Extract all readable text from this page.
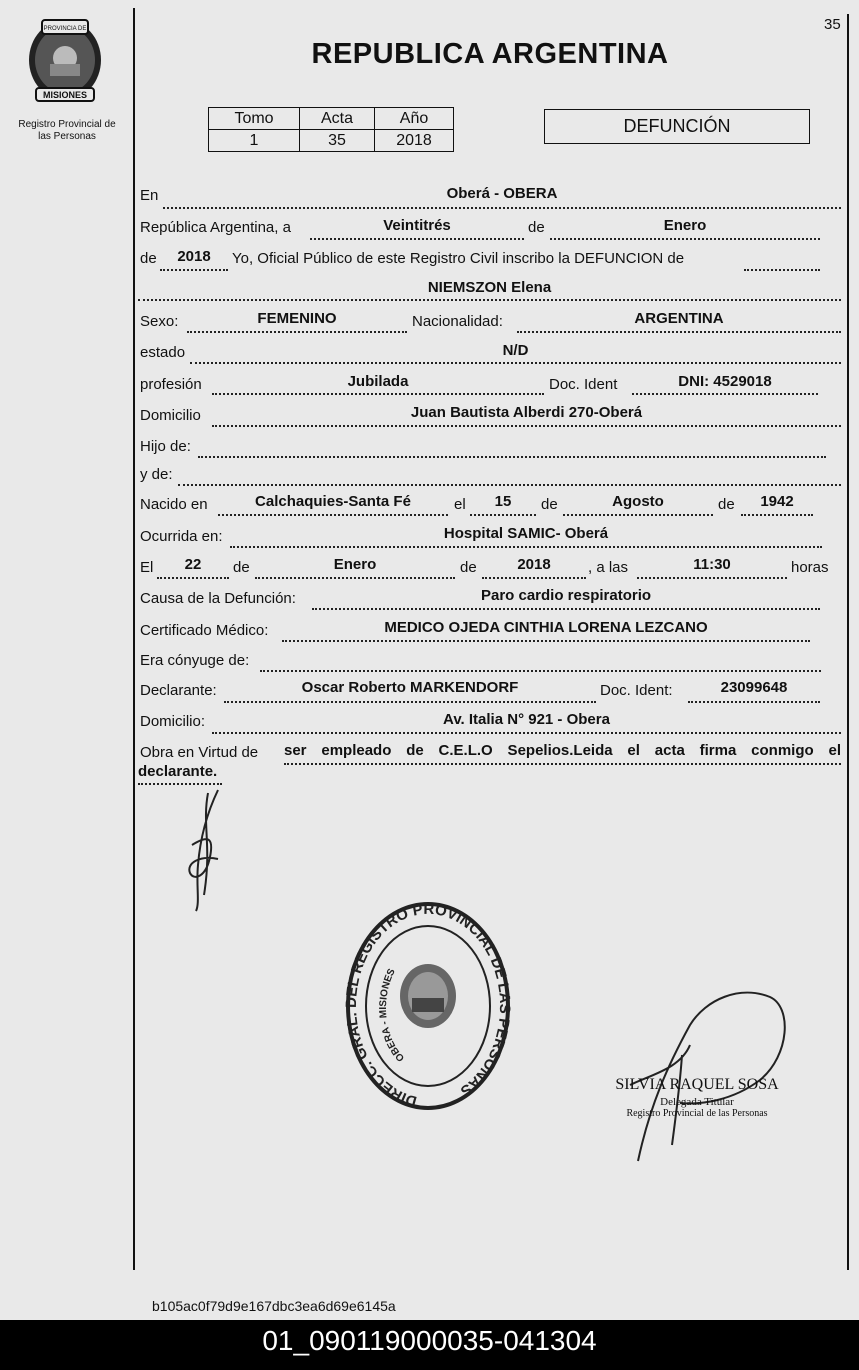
35
PROVINCIA DE
MISIONES
Registro Provincial de
las Personas
REPUBLICA ARGENTINA
Tomo	Acta	Año
1	35	2018
DEFUNCIÓN
En	Oberá - OBERA
República Argentina, a	Veintitrés	de	Enero
de	2018	Yo, Oficial Público de este Registro Civil inscribo la DEFUNCION de
NIEMSZON Elena
Sexo:	FEMENINO	Nacionalidad:	ARGENTINA
estado	N/D
profesión	Jubilada	Doc. Ident	DNI: 4529018
Domicilio	Juan Bautista Alberdi 270-Oberá
Hijo de:
y de:
Nacido en	Calchaquies-Santa Fé	el	15	de	Agosto	de	1942
Ocurrida en:	Hospital SAMIC- Oberá
El	22	de	Enero	de	2018	, a las	11:30	horas
Causa de la Defunción:	Paro cardio respiratorio
Certificado Médico:	MEDICO OJEDA CINTHIA LORENA LEZCANO
Era cónyuge de:
Declarante:	Oscar Roberto MARKENDORF	Doc. Ident:	23099648
Domicilio:	Av. Italia N° 921 - Obera
Obra en Virtud de ser empleado de C.E.L.O Sepelios.Leida el acta firma conmigo el
declarante.
DIRECC. GRAL. DEL REGISTRO PROVINCIAL DE LAS PERSONAS
OBERA - MISIONES
SILVIA RAQUEL SOSA
Delegada Titular
Registro Provincial de las Personas
b105ac0f79d9e167dbc3ea6d69e6145a
01_090119000035-041304
